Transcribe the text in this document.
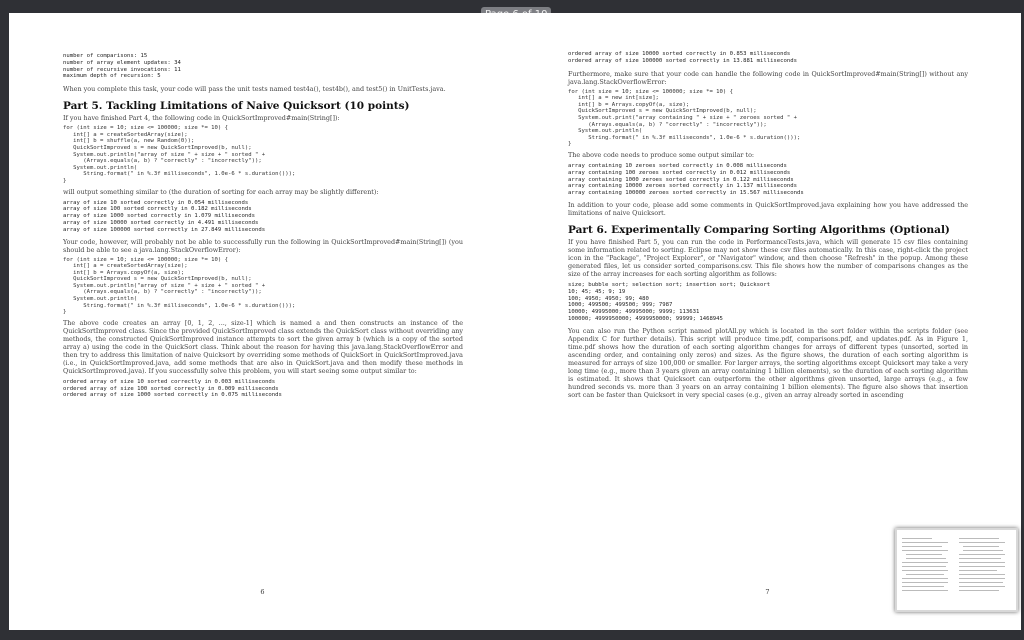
number of comparisons: 15
number of array element updates: 34
number of recursive invocations: 11
maximum depth of recursion: 5
When you complete this task, your code will pass the unit tests named test4a(), test4b(), and test5() in UnitTests.java.
Part 5. Tackling Limitations of Naive Quicksort (10 points)
If you have finished Part 4, the following code in QuickSortImproved#main(String[]):
for (int size = 10; size <= 100000; size *= 10) {
int[] a = createSortedArray(size);
int[] b = shuffle(a, new Random(0));
QuickSortImproved s = new QuickSortImproved(b, null);
System.out.println("array of size " + size + " sorted " +
(Arrays.equals(a, b) ? "correctly" : "incorrectly"));
System.out.println(
String.format(" in %.3f milliseconds", 1.0e-6 * s.duration()));
}
will output something similar to (the duration of sorting for each array may be slightly different):
array of size 10 sorted correctly in 0.054 milliseconds
array of size 100 sorted correctly in 0.182 milliseconds
array of size 1000 sorted correctly in 1.079 milliseconds
array of size 10000 sorted correctly in 4.491 milliseconds
array of size 100000 sorted correctly in 27.849 milliseconds
Your code, however, will probably not be able to successfully run the following in QuickSortImproved#main(String[]) (you should be able to see a java.lang.StackOverflowError):
for (int size = 10; size <= 100000; size *= 10) {
int[] a = createSortedArray(size);
int[] b = Arrays.copyOf(a, size);
QuickSortImproved s = new QuickSortImproved(b, null);
System.out.println("array of size " + size + " sorted " +
(Arrays.equals(a, b) ? "correctly" : "incorrectly"));
System.out.println(
String.format(" in %.3f milliseconds", 1.0e-6 * s.duration()));
}
The above code creates an array [0, 1, 2, ..., size-1] which is named a and then constructs an instance of the QuickSortImproved class. Since the provided QuickSortImproved class extends the QuickSort class without overriding any methods, the constructed QuickSortImproved instance attempts to sort the given array b (which is a copy of the sorted array a) using the code in the QuickSort class. Think about the reason for having this java.lang.StackOverflowError and then try to address this limitation of naive Quicksort by overriding some methods of QuickSort in QuickSortImproved.java (i.e., in QuickSortImproved.java, add some methods that are also in QuickSort.java and then modify these methods in QuickSortImproved.java). If you successfully solve this problem, you will start seeing some output similar to:
ordered array of size 10 sorted correctly in 0.003 milliseconds
ordered array of size 100 sorted correctly in 0.009 milliseconds
ordered array of size 1000 sorted correctly in 0.075 milliseconds
6
ordered array of size 10000 sorted correctly in 0.853 milliseconds
ordered array of size 100000 sorted correctly in 13.881 milliseconds
Furthermore, make sure that your code can handle the following code in QuickSortImproved#main(String[]) without any java.lang.StackOverflowError:
for (int size = 10; size <= 100000; size *= 10) {
int[] a = new int[size];
int[] b = Arrays.copyOf(a, size);
QuickSortImproved s = new QuickSortImproved(b, null);
System.out.print("array containing " + size + " zeroes sorted " +
(Arrays.equals(a, b) ? "correctly" : "incorrectly"));
System.out.println(
String.format(" in %.3f milliseconds", 1.0e-6 * s.duration()));
}
The above code needs to produce some output similar to:
array containing 10 zeroes sorted correctly in 0.008 milliseconds
array containing 100 zeroes sorted correctly in 0.012 milliseconds
array containing 1000 zeroes sorted correctly in 0.122 milliseconds
array containing 10000 zeroes sorted correctly in 1.137 milliseconds
array containing 100000 zeroes sorted correctly in 15.567 milliseconds
In addition to your code, please add some comments in QuickSortImproved.java explaining how you have addressed the limitations of naive Quicksort.
Part 6. Experimentally Comparing Sorting Algorithms (Optional)
If you have finished Part 5, you can run the code in PerformanceTests.java, which will generate 15 csv files containing some information related to sorting. Eclipse may not show these csv files automatically. In this case, right-click the project icon in the "Package", "Project Explorer", or "Navigator" window, and then choose "Refresh" in the popup. Among these generated files, let us consider sorted_comparisons.csv. This file shows how the number of comparisons changes as the size of the array increases for each sorting algorithm as follows:
size; bubble sort; selection sort; insertion sort; Quicksort
10; 45; 45; 9; 19
100; 4950; 4950; 99; 480
1000; 499500; 499500; 999; 7987
10000; 49995000; 49995000; 9999; 113631
100000; 4999950000; 4999950000; 99999; 1468945
You can also run the Python script named plotAll.py which is located in the sort folder within the scripts folder (see Appendix C for further details). This script will produce time.pdf, comparisons.pdf, and updates.pdf. As in Figure 1, time.pdf shows how the duration of each sorting algorithm changes for arrays of different types (unsorted, sorted in ascending order, and containing only zeros) and sizes. As the figure shows, the duration of each sorting algorithm is measured for arrays of size 100,000 or smaller. For larger arrays, the sorting algorithms except Quicksort may take a very long time (e.g., more than 3 years given an array containing 1 billion elements), so the duration of each sorting algorithm is estimated. It shows that Quicksort can outperform the other algorithms given unsorted, large arrays (e.g., a few hundred seconds vs. more than 3 years on an array containing 1 billion elements). The figure also shows that insertion sort can be faster than Quicksort in very special cases (e.g., given an array already sorted in ascending
7
